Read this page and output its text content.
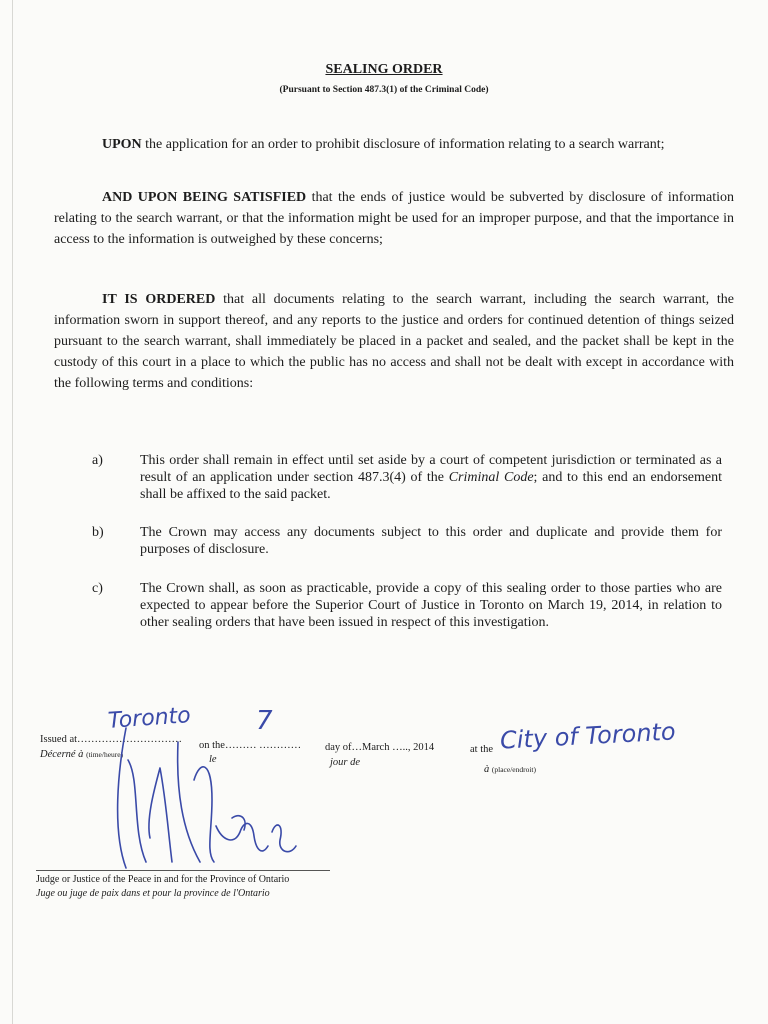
SEALING ORDER
(Pursuant to Section 487.3(1) of the Criminal Code)
UPON the application for an order to prohibit disclosure of information relating to a search warrant;
AND UPON BEING SATISFIED that the ends of justice would be subverted by disclosure of information relating to the search warrant, or that the information might be used for an improper purpose, and that the importance in access to the information is outweighed by these concerns;
IT IS ORDERED that all documents relating to the search warrant, including the search warrant, the information sworn in support thereof, and any reports to the justice and orders for continued detention of things seized pursuant to the search warrant, shall immediately be placed in a packet and sealed, and the packet shall be kept in the custody of this court in a place to which the public has no access and shall not be dealt with except in accordance with the following terms and conditions:
a)	This order shall remain in effect until set aside by a court of competent jurisdiction or terminated as a result of an application under section 487.3(4) of the Criminal Code; and to this end an endorsement shall be affixed to the said packet.
b)	The Crown may access any documents subject to this order and duplicate and provide them for purposes of disclosure.
c)	The Crown shall, as soon as practicable, provide a copy of this sealing order to those parties who are expected to appear before the Superior Court of Justice in Toronto on March 19, 2014, in relation to other sealing orders that have been issued in respect of this investigation.
Issued at…………………………
on the……… ………… day of…March ….., 2014	at the
Décerné à (time/heure)	le	jour de
à (place/endroit)
Toronto 7	City of Toronto
Judge or Justice of the Peace in and for the Province of Ontario
Juge ou juge de paix dans et pour la province de l'Ontario
